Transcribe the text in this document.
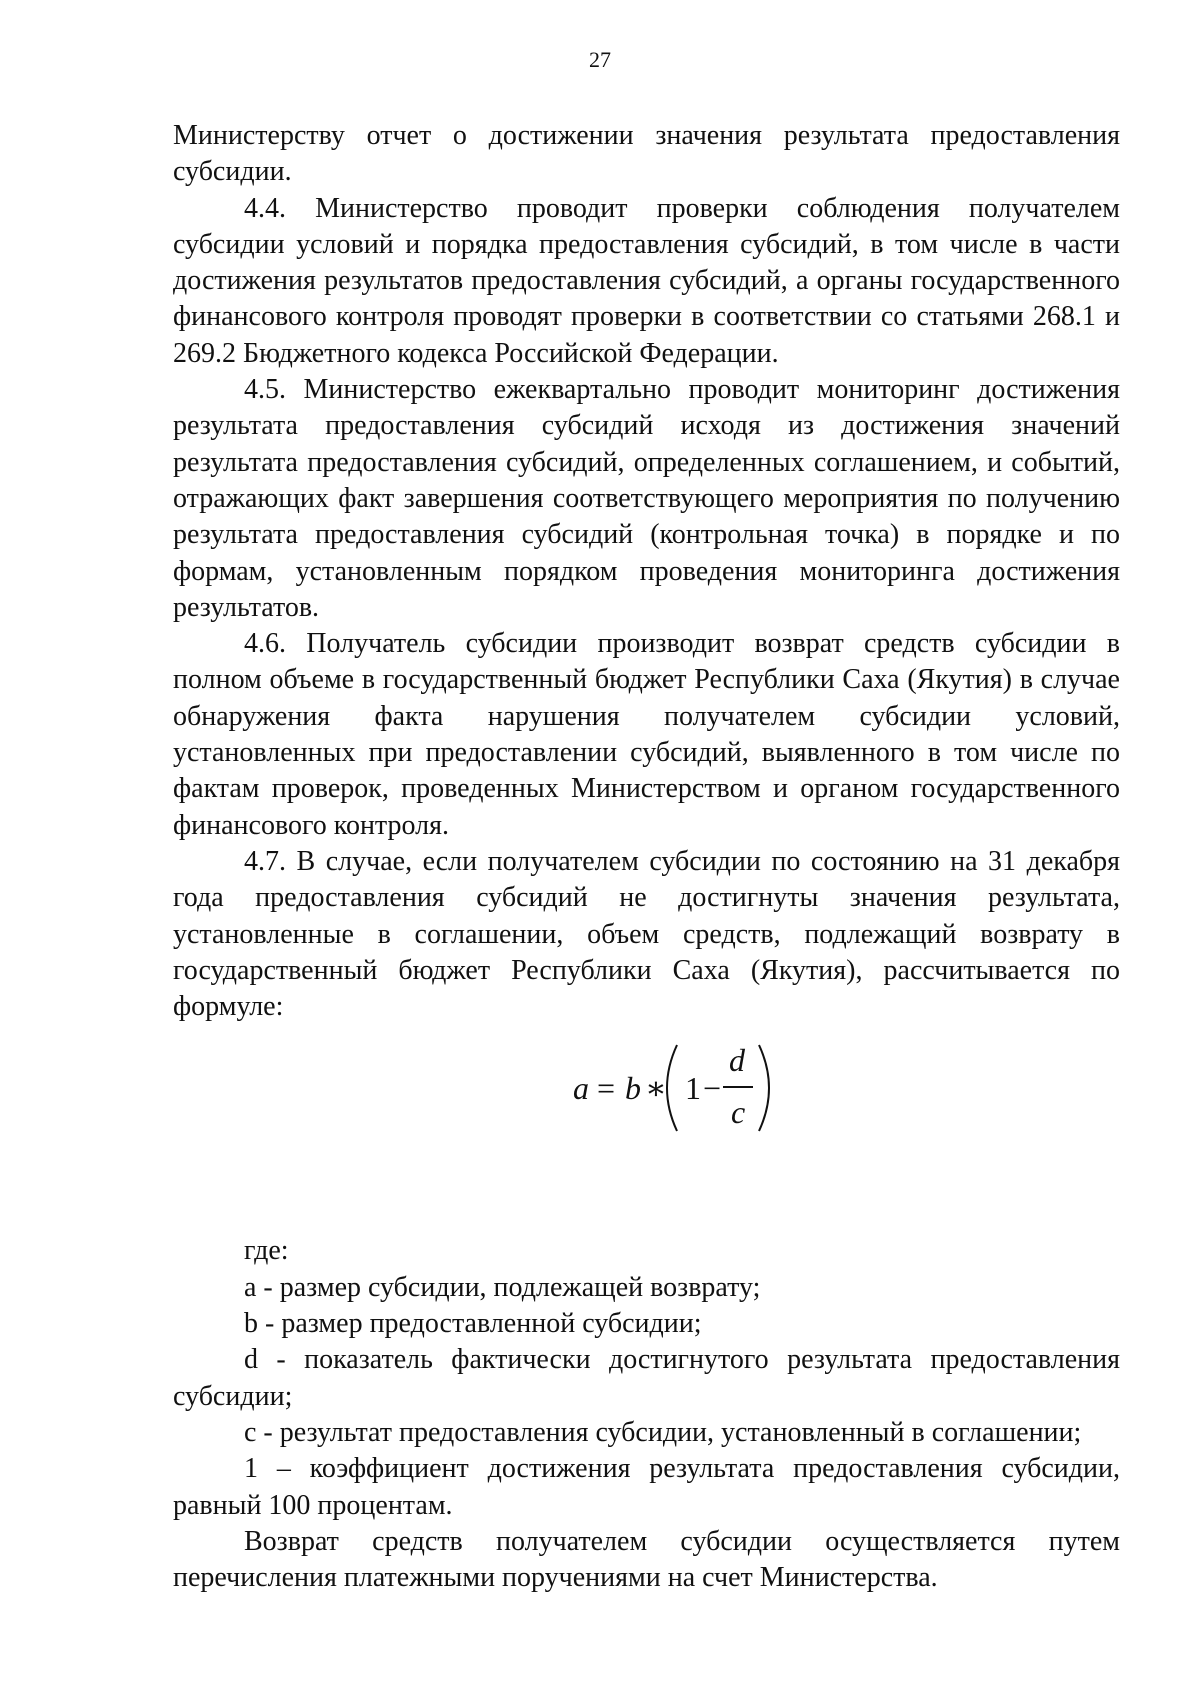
27

Министерству отчет о достижении значения результата предоставления субсидии.

4.4. Министерство проводит проверки соблюдения получателем субсидии условий и порядка предоставления субсидий, в том числе в части достижения результатов предоставления субсидий, а органы государственного финансового контроля проводят проверки в соответствии со статьями 268.1 и 269.2 Бюджетного кодекса Российской Федерации.

4.5. Министерство ежеквартально проводит мониторинг достижения результата предоставления субсидий исходя из достижения значений результата предоставления субсидий, определенных соглашением, и событий, отражающих факт завершения соответствующего мероприятия по получению результата предоставления субсидий (контрольная точка) в порядке и по формам, установленным порядком проведения мониторинга достижения результатов.

4.6. Получатель субсидии производит возврат средств субсидии в полном объеме в государственный бюджет Республики Саха (Якутия) в случае обнаружения факта нарушения получателем субсидии условий, установленных при предоставлении субсидий, выявленного в том числе по фактам проверок, проведенных Министерством и органом государственного финансового контроля.

4.7. В случае, если получателем субсидии по состоянию на 31 декабря года предоставления субсидий не достигнуты значения результата, установленные в соглашении, объем средств, подлежащий возврату в государственный бюджет Республики Саха (Якутия), рассчитывается по формуле:

a = b ∗ 1 −
d
c

где:

a - размер субсидии, подлежащей возврату;

b - размер предоставленной субсидии;

d - показатель фактически достигнутого результата предоставления субсидии;

c - результат предоставления субсидии, установленный в соглашении;

1 – коэффициент достижения результата предоставления субсидии, равный 100 процентам.

Возврат средств получателем субсидии осуществляется путем перечисления платежными поручениями на счет Министерства.
